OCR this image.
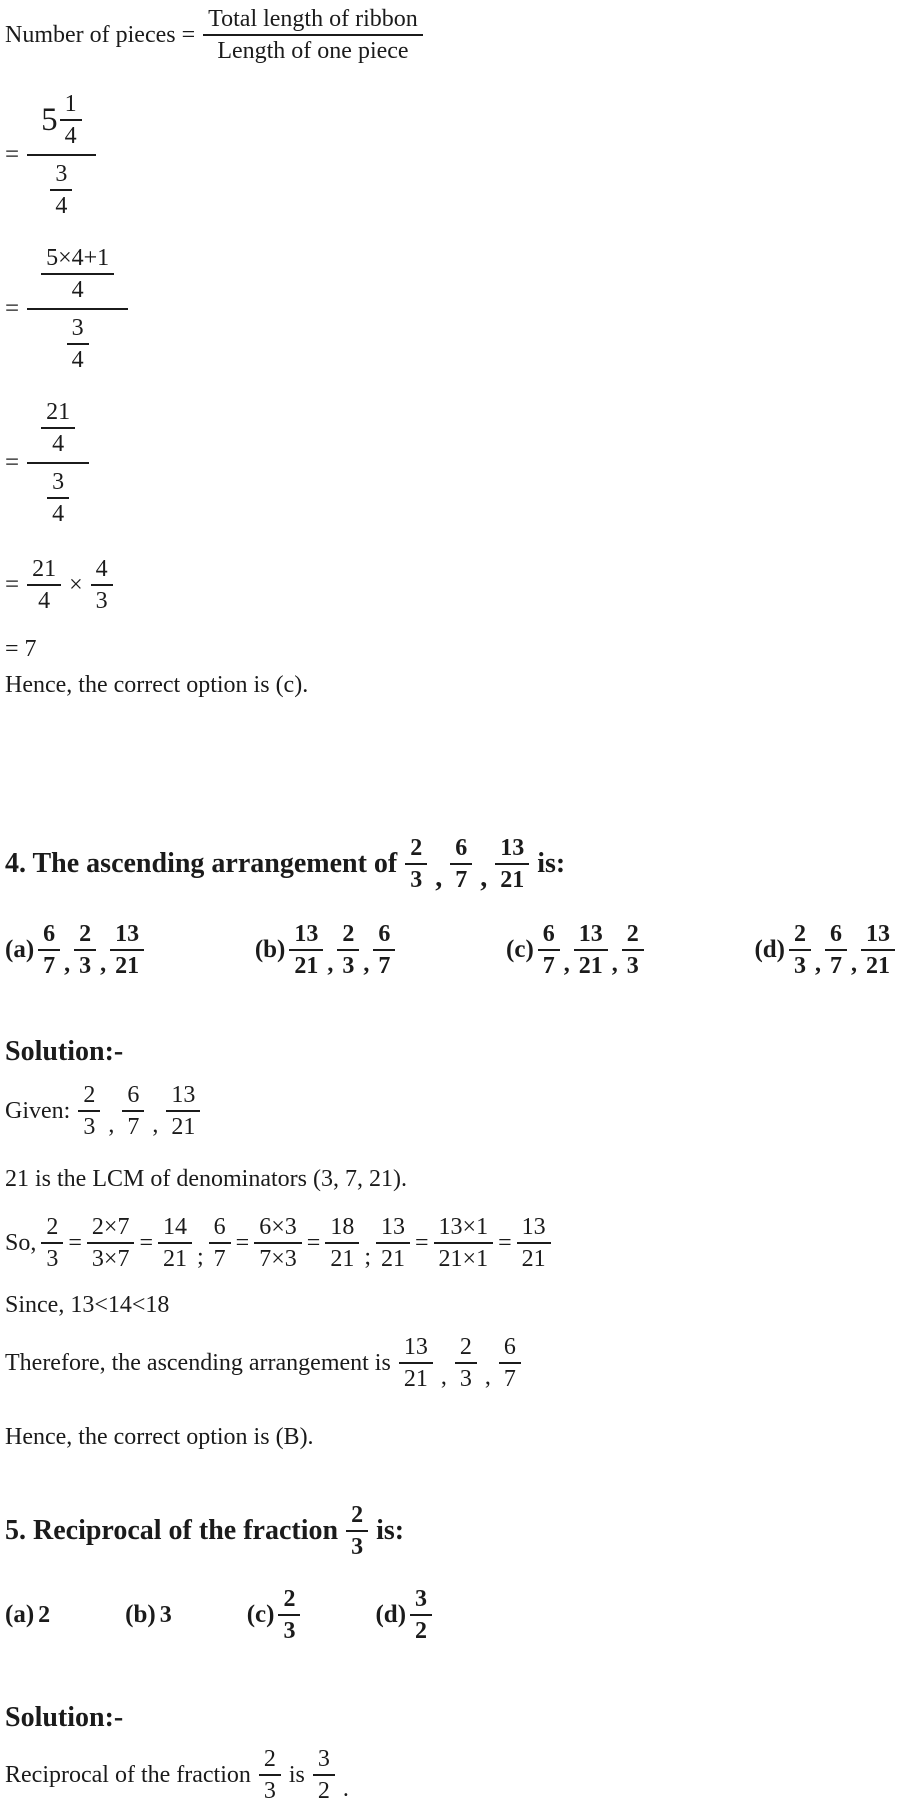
Number of pieces = $\frac{\text{Total length of ribbon}}{\text{Length of one piece}}$
= $\frac{5 \frac{1}{4}}{\frac{3}{4}}$
= $\frac{\frac{5\times 4+1}{4}}{\frac{3}{4}}$
= $\frac{\frac{21}{4}}{\frac{3}{4}}$
= $\frac{21}{4} \times \frac{4}{3}$
= 7
Hence, the correct option is (c).
4. The ascending arrangement of $\frac{2}{3}$ , $\frac{6}{7}$ , $\frac{13}{21}$ is:
$(a) \frac{6}{7}$ , $\frac{2}{3}$ , $\frac{13}{21}$	$(b) \frac{13}{21}$ , $\frac{2}{3}$ , $\frac{6}{7}$	$(c) \frac{6}{7}$ , $\frac{13}{21}$ , $\frac{2}{3}$	$(d) \frac{2}{3}$ , $\frac{6}{7}$ , $\frac{13}{21}$
Solution:-
Given: $\frac{2}{3}$ , $\frac{6}{7}$ , $\frac{13}{21}$
21 is the LCM of denominators (3, 7, 21).
So, $\frac{2}{3} = \frac{2\times 7}{3\times 7} = \frac{14}{21}$ ; $\frac{6}{7} = \frac{6\times 3}{7\times 3} = \frac{18}{21}$ ; $\frac{13}{21} = \frac{13\times 1}{21\times 1} = \frac{13}{21}$
Since, 13<14<18
Therefore, the ascending arrangement is $\frac{13}{21}$ , $\frac{2}{3}$ , $\frac{6}{7}$
Hence, the correct option is (B).
5. Reciprocal of the fraction $\frac{2}{3}$ is:
(a) 2	(b) 3	$(c) \frac{2}{3}$	$(d) \frac{3}{2}$
Solution:-
Reciprocal of the fraction $\frac{2}{3}$ is $\frac{3}{2}$ .
